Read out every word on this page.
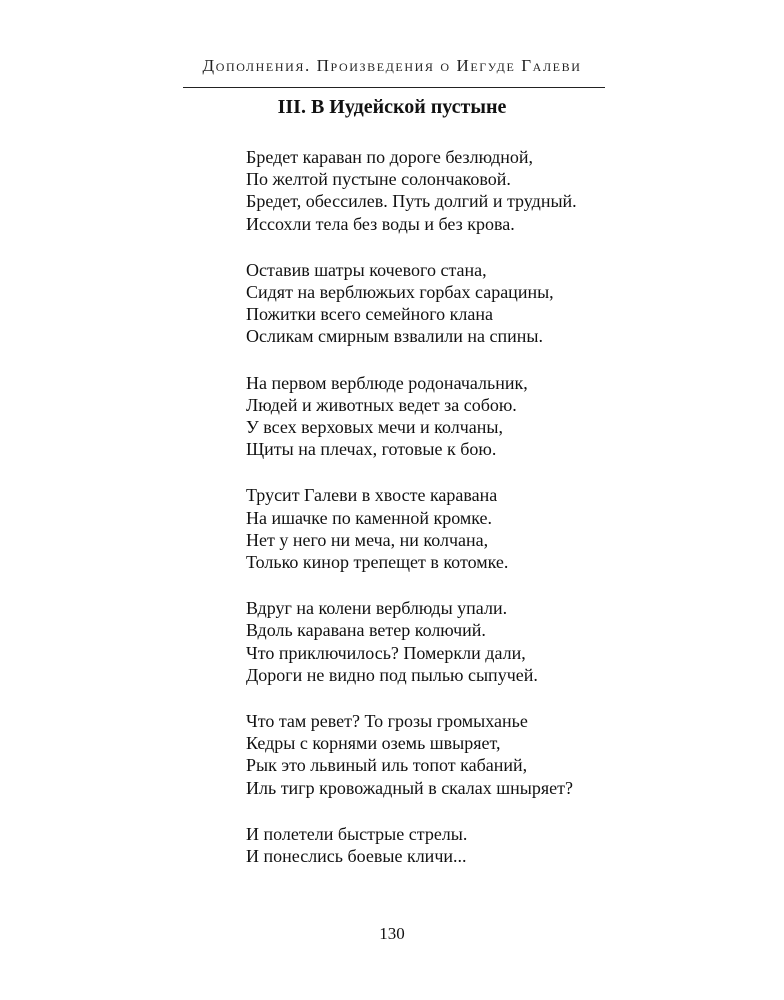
Дополнения. Произведения о Иегуде Галеви
III. В Иудейской пустыне
Бредет караван по дороге безлюдной,
По желтой пустыне солончаковой.
Бредет, обессилев. Путь долгий и трудный.
Иссохли тела без воды и без крова.
Оставив шатры кочевого стана,
Сидят на верблюжьих горбах сарацины,
Пожитки всего семейного клана
Осликам смирным взвалили на спины.
На первом верблюде родоначальник,
Людей и животных ведет за собою.
У всех верховых мечи и колчаны,
Щиты на плечах, готовые к бою.
Трусит Галеви в хвосте каравана
На ишачке по каменной кромке.
Нет у него ни меча, ни колчана,
Только кинор трепещет в котомке.
Вдруг на колени верблюды упали.
Вдоль каравана ветер колючий.
Что приключилось? Померкли дали,
Дороги не видно под пылью сыпучей.
Что там ревет? То грозы громыханье
Кедры с корнями оземь швыряет,
Рык это львиный иль топот кабаний,
Иль тигр кровожадный в скалах шныряет?
И полетели быстрые стрелы.
И понеслись боевые кличи...
130
